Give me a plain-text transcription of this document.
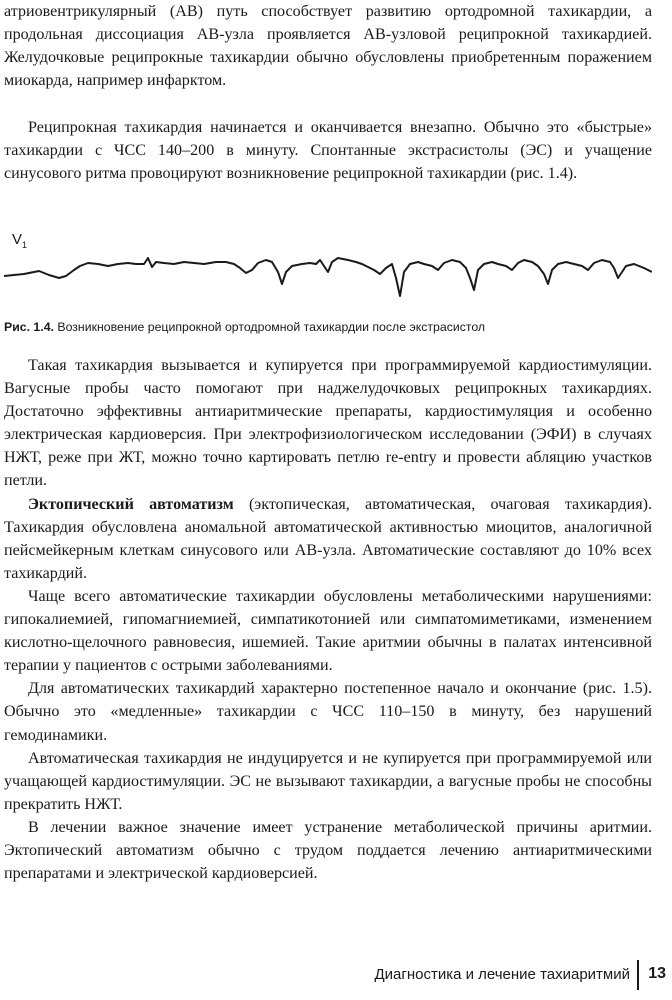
атриовентрикулярный (АВ) путь способствует развитию ортодромной тахикардии, а продольная диссоциация АВ-узла проявляется АВ-узловой реципрокной тахикардией. Желудочковые реципрокные тахикардии обычно обусловлены приобретенным поражением миокарда, например инфарктом.

Реципрокная тахикардия начинается и оканчивается внезапно. Обычно это «быстрые» тахикардии с ЧСС 140–200 в минуту. Спонтанные экстрасистолы (ЭС) и учащение синусового ритма провоцируют возникновение реципрокной тахикардии (рис. 1.4).

$V_1$
Рис. 1.4. Возникновение реципрокной ортодромной тахикардии после экстрасистол

Такая тахикардия вызывается и купируется при программируемой кардиостимуляции. Вагусные пробы часто помогают при наджелудочковых реципрокных тахикардиях. Достаточно эффективны антиаритмические препараты, кардиостимуляция и особенно электрическая кардиоверсия. При электрофизиологическом исследовании (ЭФИ) в случаях НЖТ, реже при ЖТ, можно точно картировать петлю re-entry и провести абляцию участков петли.

Эктопический автоматизм (эктопическая, автоматическая, очаговая тахикардия). Тахикардия обусловлена аномальной автоматической активностью миоцитов, аналогичной пейсмейкерным клеткам синусового или АВ-узла. Автоматические составляют до 10% всех тахикардий.

Чаще всего автоматические тахикардии обусловлены метаболическими нарушениями: гипокалиемией, гипомагниемией, симпатикотонией или симпатомиметиками, изменением кислотно-щелочного равновесия, ишемией. Такие аритмии обычны в палатах интенсивной терапии у пациентов с острыми заболеваниями.

Для автоматических тахикардий характерно постепенное начало и окончание (рис. 1.5). Обычно это «медленные» тахикардии с ЧСС 110–150 в минуту, без нарушений гемодинамики.

Автоматическая тахикардия не индуцируется и не купируется при программируемой или учащающей кардиостимуляции. ЭС не вызывают тахикардии, а вагусные пробы не способны прекратить НЖТ.

В лечении важное значение имеет устранение метаболической причины аритмии. Эктопический автоматизм обычно с трудом поддается лечению антиаритмическими препаратами и электрической кардиоверсией.

Диагностика и лечение тахиаритмий 13
